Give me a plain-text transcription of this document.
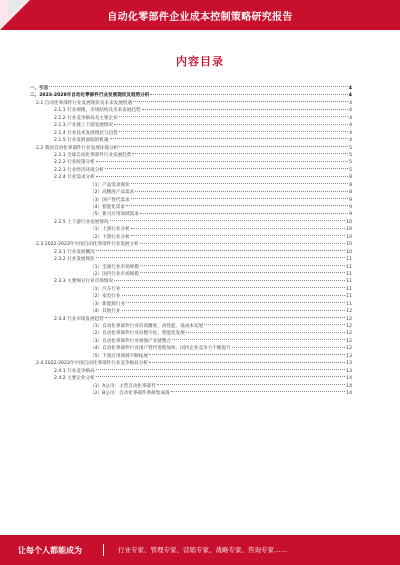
自动化零部件企业成本控制策略研究报告
内容目录
一、引言	4
二、2023-2028年自动化零部件行业发展现状及趋势分析	4
2.1 自动化零部件行业发展现状及未来发展机遇	4
2.1.1 行业规模、市场结构及未来发展趋势	4
2.1.2 行业竞争格局及主要企业	4
2.1.3 产业链上下游发展情况	4
2.1.4 行业技术发展现状与趋势	4
2.1.5 行业发展面临的机遇	4
2.2 我国自动化零部件行业发展环境分析	5
2.2.1 全球自动化零部件行业发展趋势	5
2.2.2 行业政策分析	5
2.2.3 行业经济环境分析	5
2.2.4 行业需求分析	8
（1）产品需求现状	8
（2）高精度产品需求	8
（3）国产替代需求	9
（4）智能化需求	9
（5）新兴应用领域需求	9
2.2.5 上下游行业发展情况	10
（1）上游行业分析	10
（2）下游行业分析	10
2.3 2022-2023年中国自动化零部件行业发展分析	10
2.3.1 行业发展概况	10
2.3.2 行业发展现状	11
（1）全球行业市场规模	11
（2）国内行业市场规模	11
2.3.3 主要细分行业市场情况	11
（1）汽车行业	11
（2）家电行业	11
（3）新能源行业	11
（4）其他行业	12
2.3.4 行业市场发展趋势	12
（1）自动化零部件行业向高精度、高性能、低成本发展	12
（2）自动化零部件行业向数字化、智能化发展	12
（3）自动化零部件行业加强产业链整合	12
（4）自动化零部件行业国产替代进程加快，国内企业竞争力不断提升	12
（5）下游应用领域不断拓展	13
2.4 2022-2023年中国自动化零部件行业竞争格局分析	13
2.4.1 行业竞争格局	13
2.4.2 主要企业分析	14
（1）A公司：主营自动化零部件	14
（2）B公司：自动化零部件系统集成商	14
让每个人都能成为	行业专家、管理专家、营销专家、战略专家、咨询专家……
